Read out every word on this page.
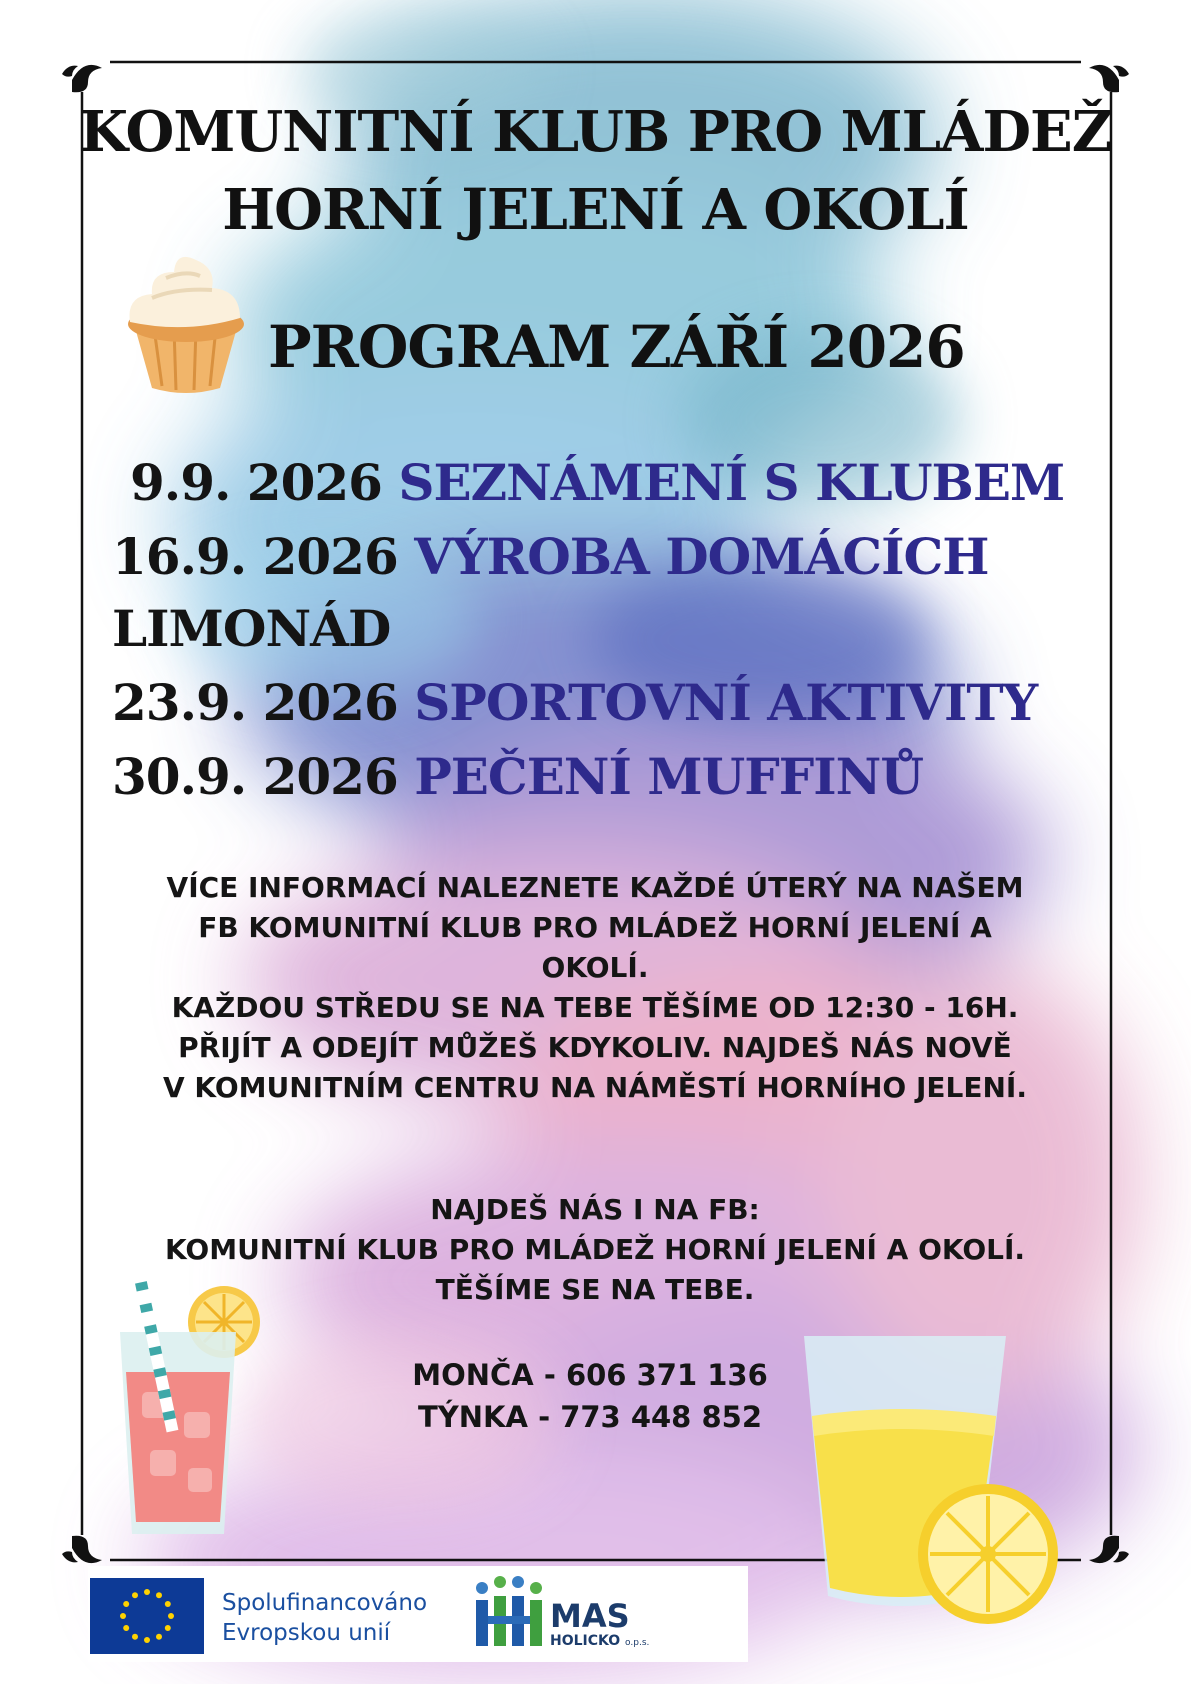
KOMUNITNÍ KLUB PRO MLÁDEŽ
HORNÍ JELENÍ A OKOLÍ
PROGRAM ZÁŘÍ 2026
9.9. 2026 SEZNÁMENÍ S KLUBEM
16.9. 2026 VÝROBA DOMÁCÍCH
LIMONÁD
23.9. 2026 SPORTOVNÍ AKTIVITY
30.9. 2026 PEČENÍ MUFFINŮ
VÍCE INFORMACÍ NALEZNETE KAŽDÉ ÚTERÝ NA NAŠEM
FB KOMUNITNÍ KLUB PRO MLÁDEŽ HORNÍ JELENÍ A
OKOLÍ.
KAŽDOU STŘEDU SE NA TEBE TĚŠÍME OD 12:30 - 16H.
PŘIJÍT A ODEJÍT MŮŽEŠ KDYKOLIV. NAJDEŠ NÁS NOVĚ
V KOMUNITNÍM CENTRU NA NÁMĚSTÍ HORNÍHO JELENÍ.
NAJDEŠ NÁS I NA FB:
KOMUNITNÍ KLUB PRO MLÁDEŽ HORNÍ JELENÍ A OKOLÍ.
TĚŠÍME SE NA TEBE.
MONČA - 606 371 136
TÝNKA - 773 448 852
Spolufinancováno
Evropskou unií	MAS
HOLICKO o.p.s.
